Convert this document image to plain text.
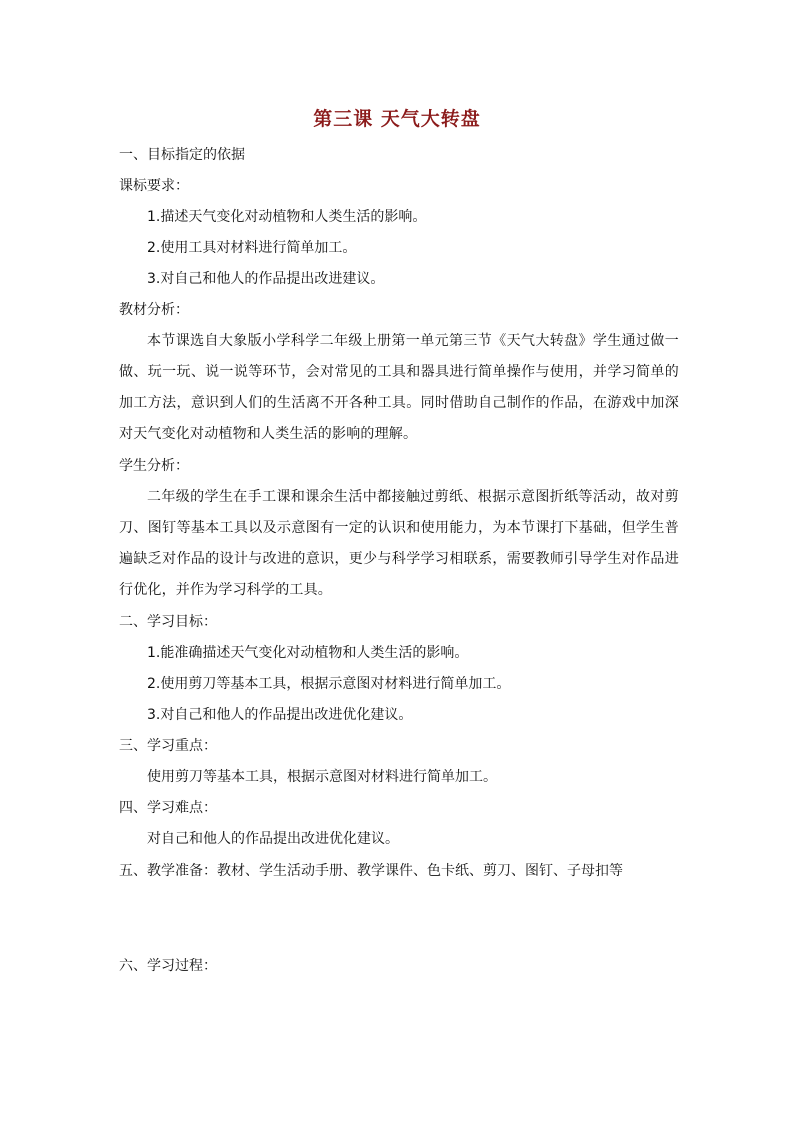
第三课 天气大转盘
一、目标指定的依据
课标要求：
1.描述天气变化对动植物和人类生活的影响。
2.使用工具对材料进行简单加工。
3.对自己和他人的作品提出改进建议。
教材分析：
本节课选自大象版小学科学二年级上册第一单元第三节《天气大转盘》学生通过做一做、玩一玩、说一说等环节，会对常见的工具和器具进行简单操作与使用，并学习简单的加工方法，意识到人们的生活离不开各种工具。同时借助自己制作的作品，在游戏中加深对天气变化对动植物和人类生活的影响的理解。
学生分析：
二年级的学生在手工课和课余生活中都接触过剪纸、根据示意图折纸等活动，故对剪刀、图钉等基本工具以及示意图有一定的认识和使用能力，为本节课打下基础，但学生普遍缺乏对作品的设计与改进的意识，更少与科学学习相联系，需要教师引导学生对作品进行优化，并作为学习科学的工具。
二、学习目标：
1.能准确描述天气变化对动植物和人类生活的影响。
2.使用剪刀等基本工具，根据示意图对材料进行简单加工。
3.对自己和他人的作品提出改进优化建议。
三、学习重点：
使用剪刀等基本工具，根据示意图对材料进行简单加工。
四、学习难点：
对自己和他人的作品提出改进优化建议。
五、教学准备：教材、学生活动手册、教学课件、色卡纸、剪刀、图钉、子母扣等
六、学习过程：
